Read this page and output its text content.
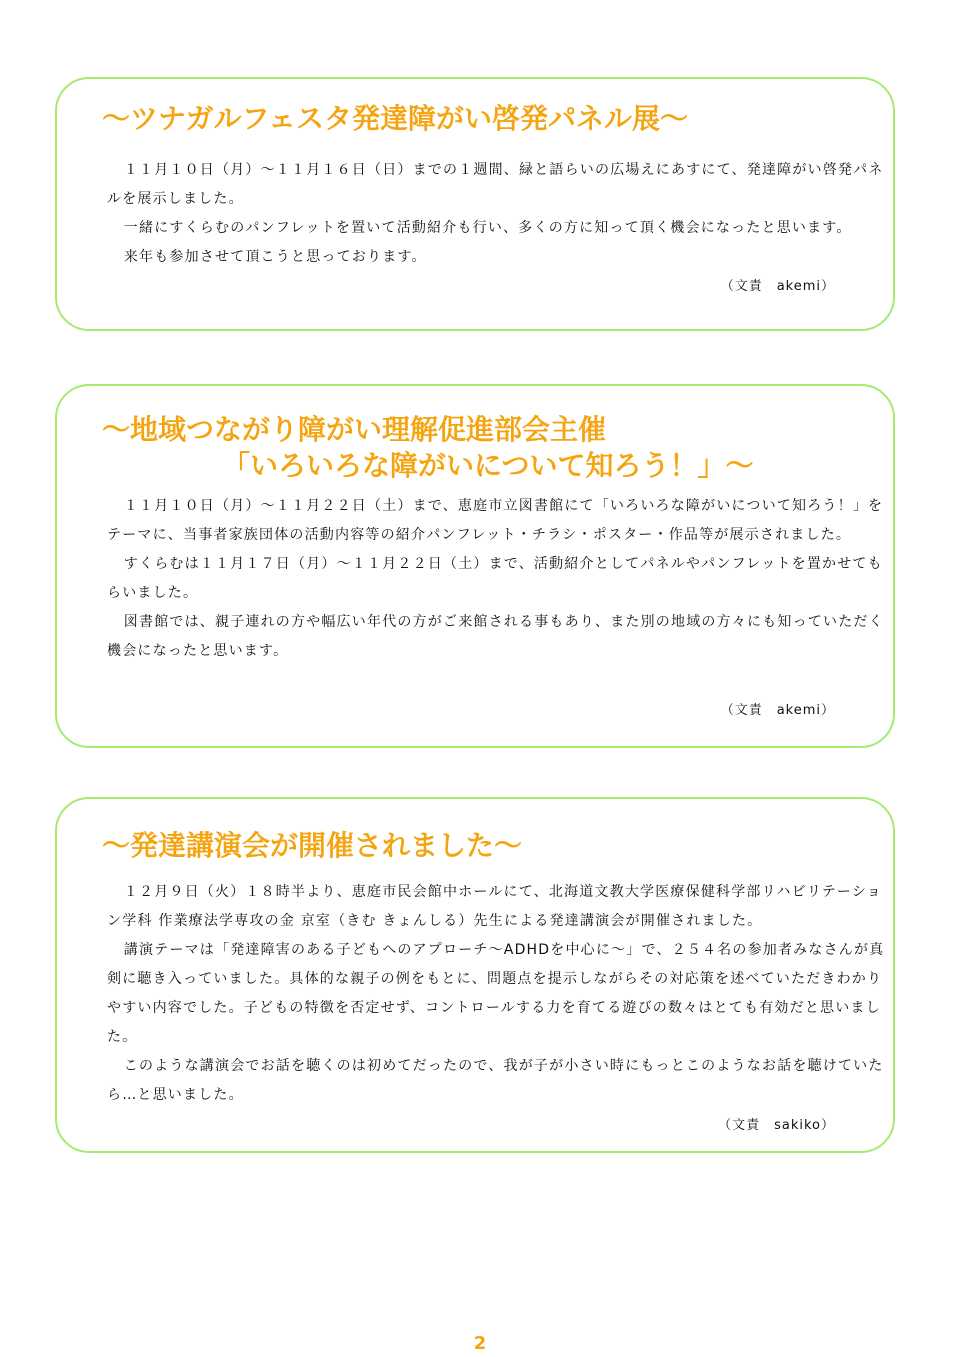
～ツナガルフェスタ発達障がい啓発パネル展～

１１月１０日（月）～１１月１６日（日）までの１週間、緑と語らいの広場えにあすにて、発達障がい啓発パネルを展示しました。

一緒にすくらむのパンフレットを置いて活動紹介も行い、多くの方に知って頂く機会になったと思います。

来年も参加させて頂こうと思っております。

（文責　akemi）
～地域つながり障がい理解促進部会主催
「いろいろな障がいについて知ろう！」～

１１月１０日（月）～１１月２２日（土）まで、恵庭市立図書館にて「いろいろな障がいについて知ろう！」をテーマに、当事者家族団体の活動内容等の紹介パンフレット・チラシ・ポスター・作品等が展示されました。

すくらむは１１月１７日（月）～１１月２２日（土）まで、活動紹介としてパネルやパンフレットを置かせてもらいました。

図書館では、親子連れの方や幅広い年代の方がご来館される事もあり、また別の地域の方々にも知っていただく機会になったと思います。

（文責　akemi）
～発達講演会が開催されました～

１２月９日（火）１８時半より、恵庭市民会館中ホールにて、北海道文教大学医療保健科学部リハビリテーション学科 作業療法学専攻の金 京室（きむ きょんしる）先生による発達講演会が開催されました。

講演テーマは「発達障害のある子どもへのアプローチ～ADHDを中心に～」で、２５４名の参加者みなさんが真剣に聴き入っていました。具体的な親子の例をもとに、問題点を提示しながらその対応策を述べていただきわかりやすい内容でした。子どもの特徴を否定せず、コントロールする力を育てる遊びの数々はとても有効だと思いました。

このような講演会でお話を聴くのは初めてだったので、我が子が小さい時にもっとこのようなお話を聴けていたら…と思いました。

（文責　sakiko）
2
